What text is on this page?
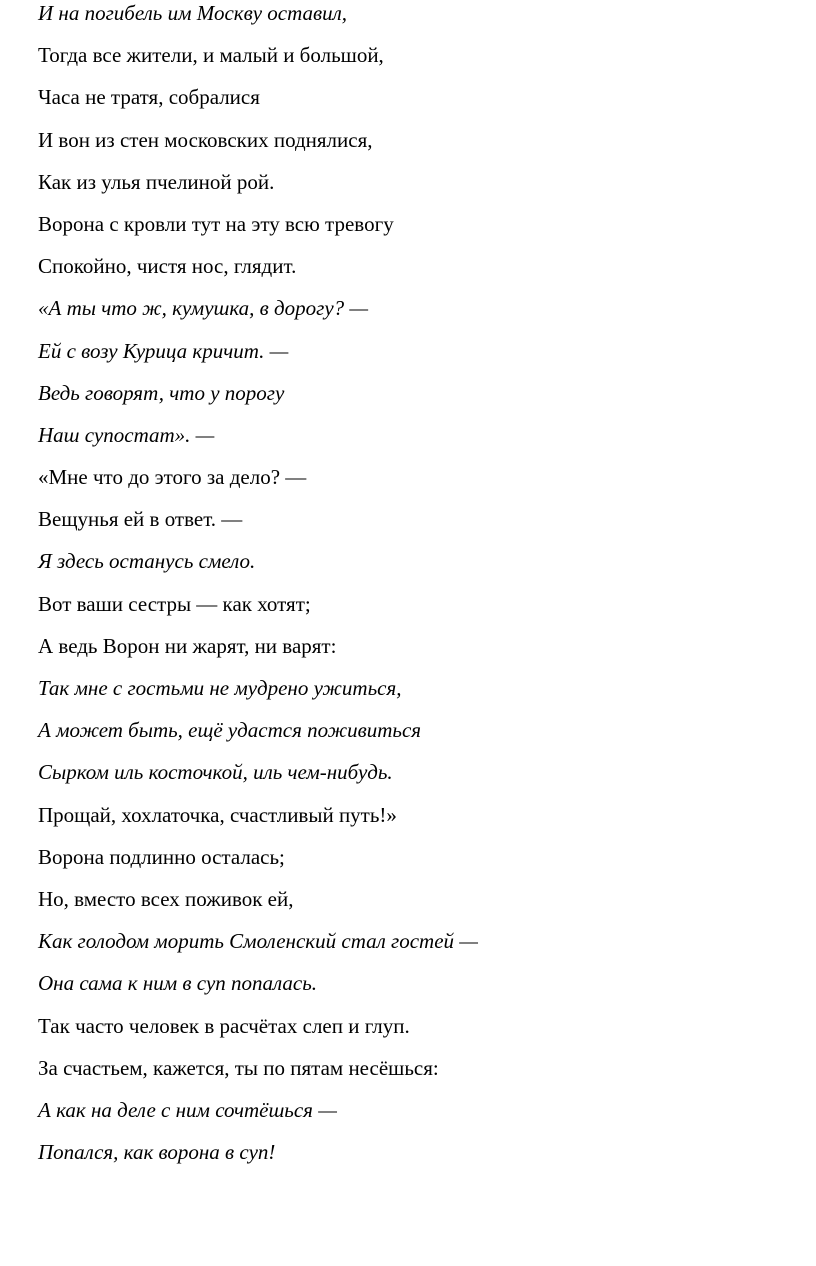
И на погибель им Москву оставил,

Тогда все жители, и малый и большой,

Часа не тратя, собралися

И вон из стен московских поднялися,

Как из улья пчелиной рой.

Ворона с кровли тут на эту всю тревогу

Спокойно, чистя нос, глядит.

«А ты что ж, кумушка, в дорогу? —

Ей с возу Курица кричит. —

Ведь говорят, что у порогу

Наш супостат». —

«Мне что до этого за дело? —

Вещунья ей в ответ. —

Я здесь останусь смело.

Вот ваши сестры — как хотят;

А ведь Ворон ни жарят, ни варят:

Так мне с гостьми не мудрено ужиться,

А может быть, ещё удастся поживиться

Сырком иль косточкой, иль чем-нибудь.

Прощай, хохлаточка, счастливый путь!»

Ворона подлинно осталась;

Но, вместо всех поживок ей,

Как голодом морить Смоленский стал гостей —

Она сама к ним в суп попалась.

Так часто человек в расчётах слеп и глуп.

За счастьем, кажется, ты по пятам несёшься:

А как на деле с ним сочтёшься —

Попался, как ворона в суп!
